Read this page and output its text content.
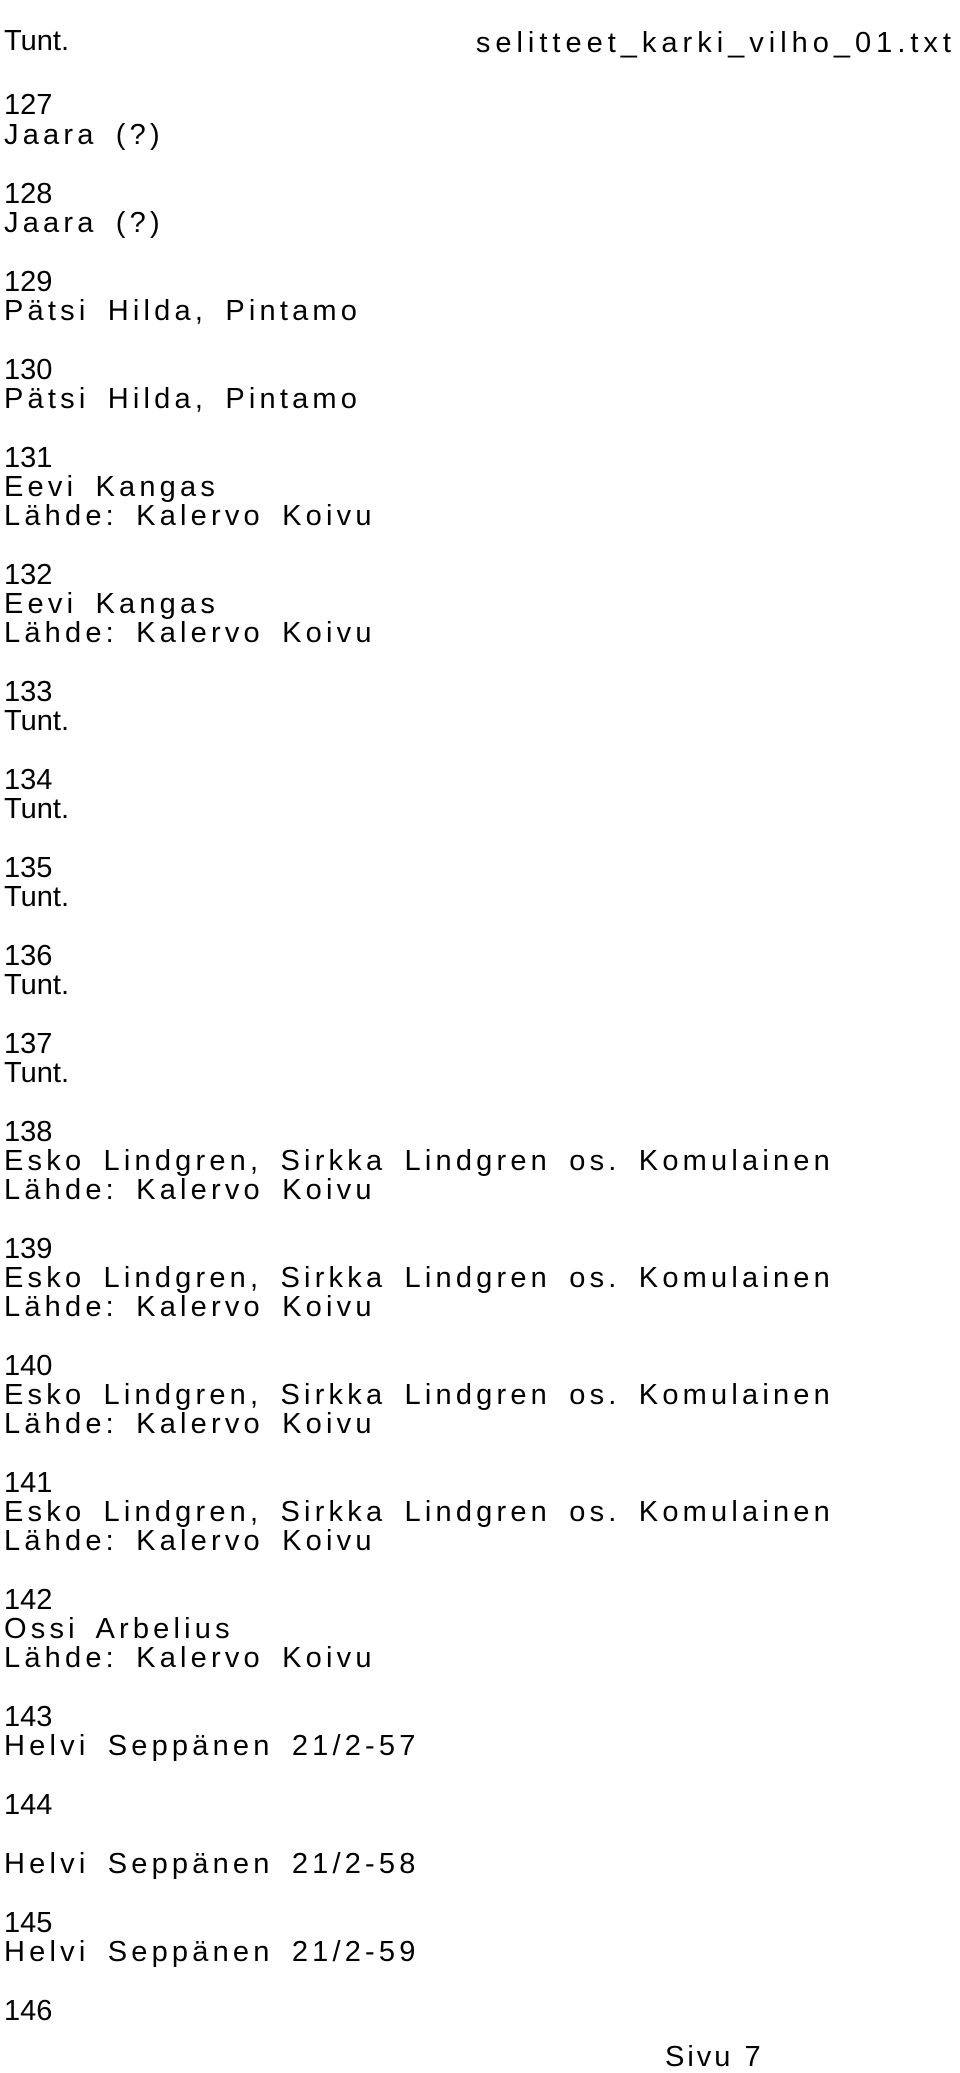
selitteet_karki_vilho_01.txt
Tunt.
127
Jaara (?)
128
Jaara (?)
129
Pätsi Hilda, Pintamo
130
Pätsi Hilda, Pintamo
131
Eevi Kangas
Lähde: Kalervo Koivu
132
Eevi Kangas
Lähde: Kalervo Koivu
133
Tunt.
134
Tunt.
135
Tunt.
136
Tunt.
137
Tunt.
138
Esko Lindgren, Sirkka Lindgren os. Komulainen
Lähde: Kalervo Koivu
139
Esko Lindgren, Sirkka Lindgren os. Komulainen
Lähde: Kalervo Koivu
140
Esko Lindgren, Sirkka Lindgren os. Komulainen
Lähde: Kalervo Koivu
141
Esko Lindgren, Sirkka Lindgren os. Komulainen
Lähde: Kalervo Koivu
142
Ossi Arbelius
Lähde: Kalervo Koivu
143
Helvi Seppänen 21/2-57
144
Helvi Seppänen 21/2-58
145
Helvi Seppänen 21/2-59
146
Sivu 7
